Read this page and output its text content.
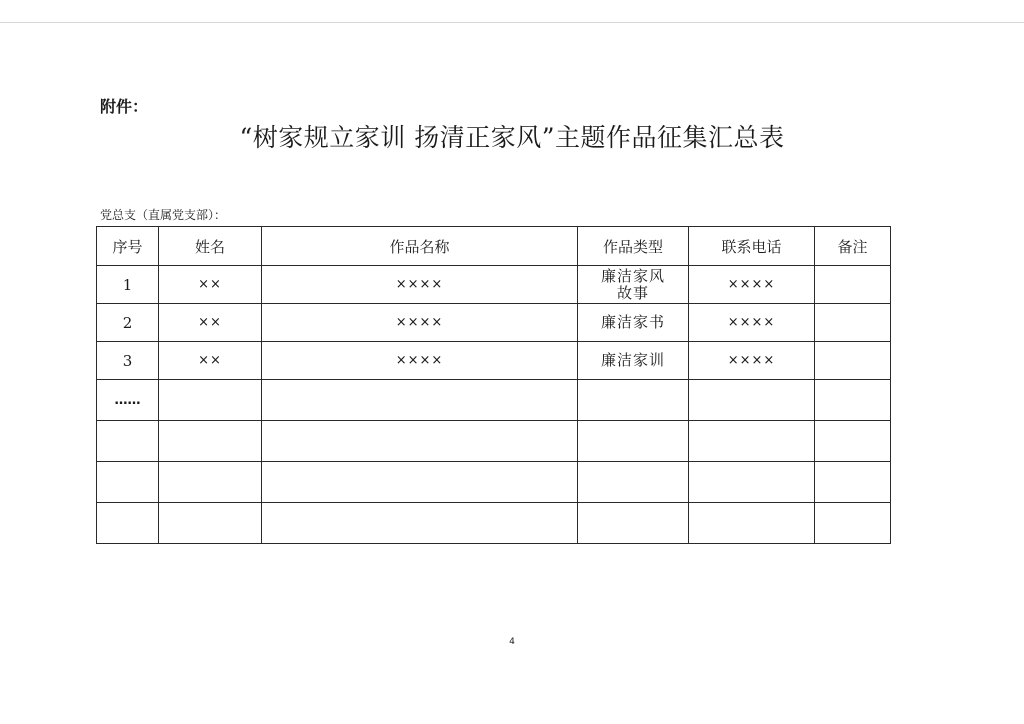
附件：
“树家规立家训 扬清正家风”主题作品征集汇总表
党总支（直属党支部）：
序号	姓名	作品名称	作品类型	联系电话	备注
1	××	××××	廉洁家风故事	××××	
2	××	××××	廉洁家书	××××	
3	××	××××	廉洁家训	××××	
……					

4
